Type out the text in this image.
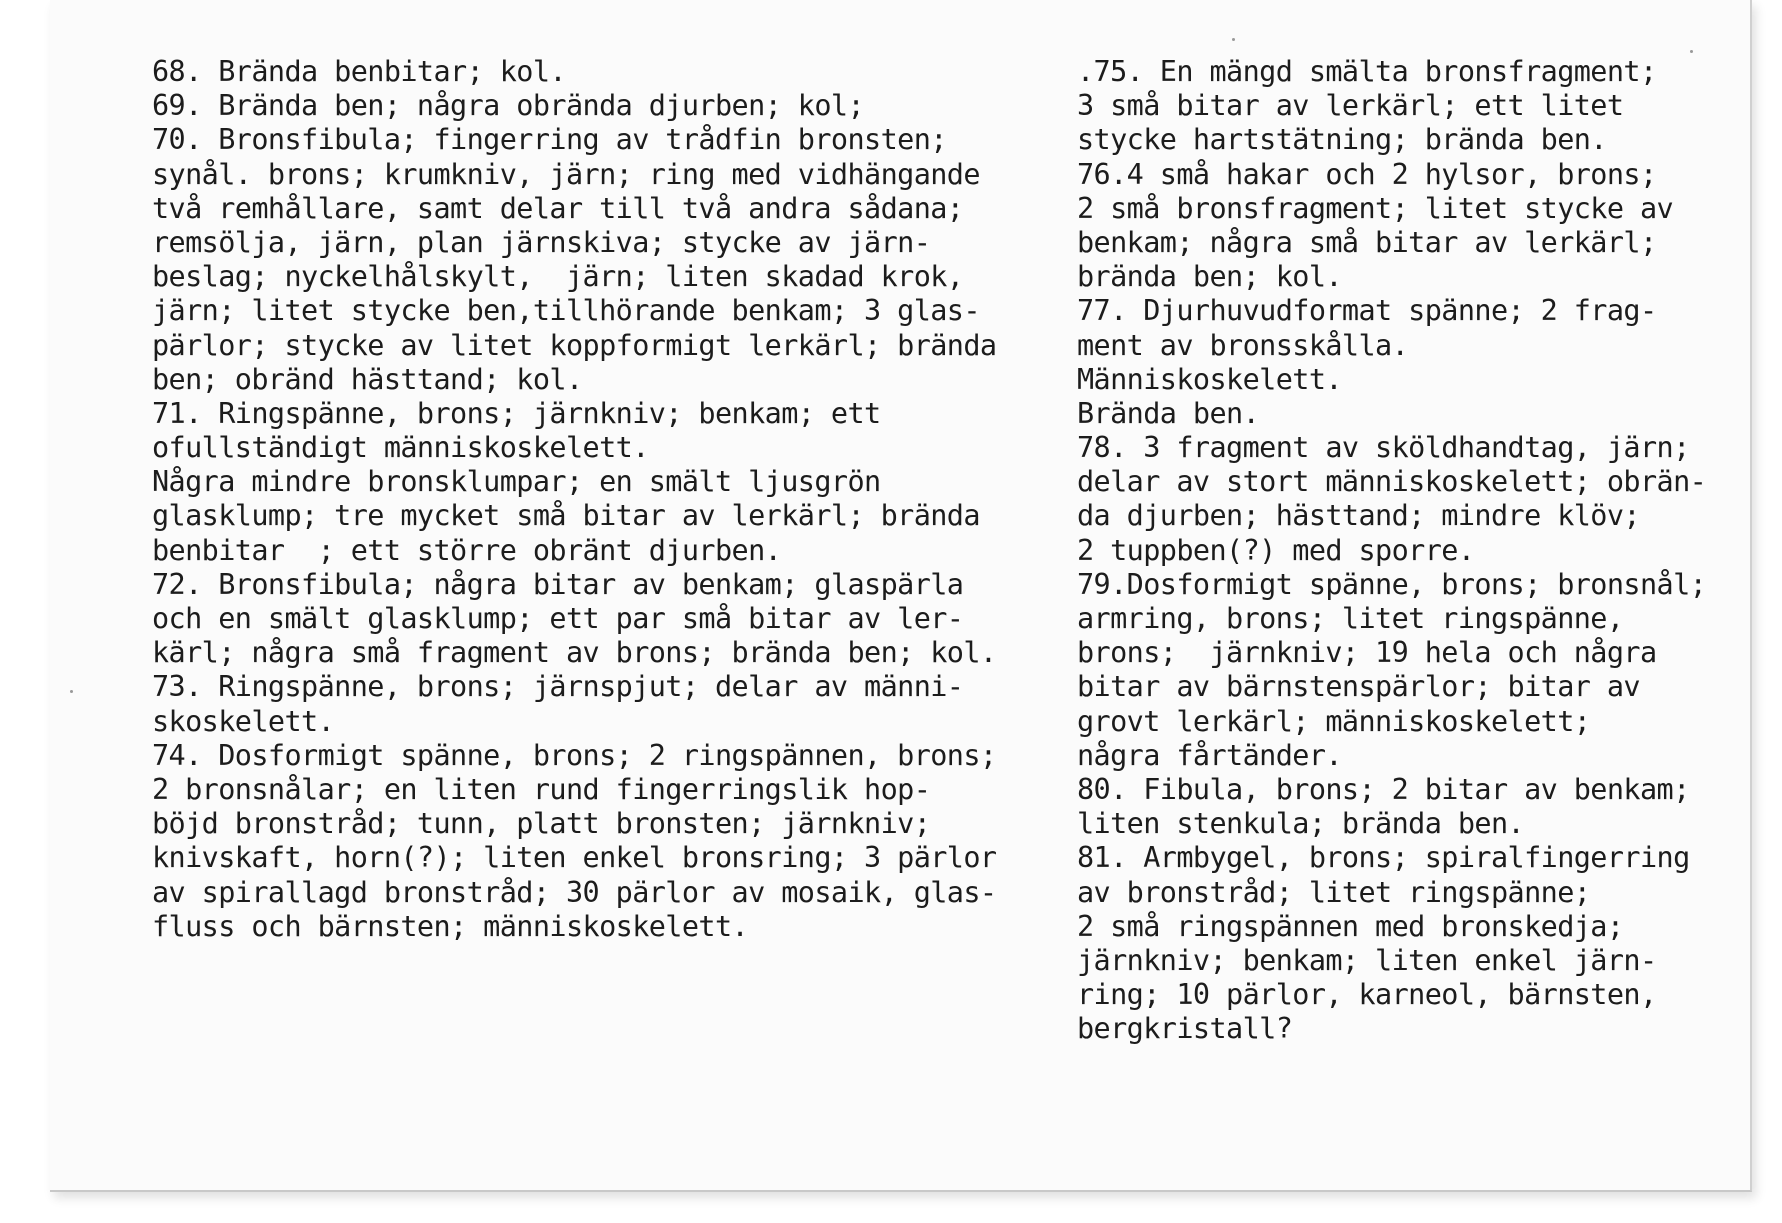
68. Brända benbitar; kol.
69. Brända ben; några obrända djurben; kol;
70. Bronsfibula; fingerring av trådfin bronsten;
synål. brons; krumkniv, järn; ring med vidhängande
två remhållare, samt delar till två andra sådana;
remsölja, järn, plan järnskiva; stycke av järn-
beslag; nyckelhålskylt,  järn; liten skadad krok,
järn; litet stycke ben,tillhörande benkam; 3 glas-
pärlor; stycke av litet koppformigt lerkärl; brända
ben; obränd hästtand; kol.
71. Ringspänne, brons; järnkniv; benkam; ett
ofullständigt människoskelett.
Några mindre bronsklumpar; en smält ljusgrön
glasklump; tre mycket små bitar av lerkärl; brända
benbitar  ; ett större obränt djurben.
72. Bronsfibula; några bitar av benkam; glaspärla
och en smält glasklump; ett par små bitar av ler-
kärl; några små fragment av brons; brända ben; kol.
73. Ringspänne, brons; järnspjut; delar av männi-
skoskelett.
74. Dosformigt spänne, brons; 2 ringspännen, brons;
2 bronsnålar; en liten rund fingerringslik hop-
böjd bronstråd; tunn, platt bronsten; järnkniv;
knivskaft, horn(?); liten enkel bronsring; 3 pärlor
av spirallagd bronstråd; 30 pärlor av mosaik, glas-
fluss och bärnsten; människoskelett.
.75. En mängd smälta bronsfragment;
3 små bitar av lerkärl; ett litet
stycke hartstätning; brända ben.
76.4 små hakar och 2 hylsor, brons;
2 små bronsfragment; litet stycke av
benkam; några små bitar av lerkärl;
brända ben; kol.
77. Djurhuvudformat spänne; 2 frag-
ment av bronsskålla.
Människoskelett.
Brända ben.
78. 3 fragment av sköldhandtag, järn;
delar av stort människoskelett; obrän-
da djurben; hästtand; mindre klöv;
2 tuppben(?) med sporre.
79.Dosformigt spänne, brons; bronsnål;
armring, brons; litet ringspänne,
brons;  järnkniv; 19 hela och några
bitar av bärnstenspärlor; bitar av
grovt lerkärl; människoskelett;
några fårtänder.
80. Fibula, brons; 2 bitar av benkam;
liten stenkula; brända ben.
81. Armbygel, brons; spiralfingerring
av bronstråd; litet ringspänne;
2 små ringspännen med bronskedja;
järnkniv; benkam; liten enkel järn-
ring; 10 pärlor, karneol, bärnsten,
bergkristall?
